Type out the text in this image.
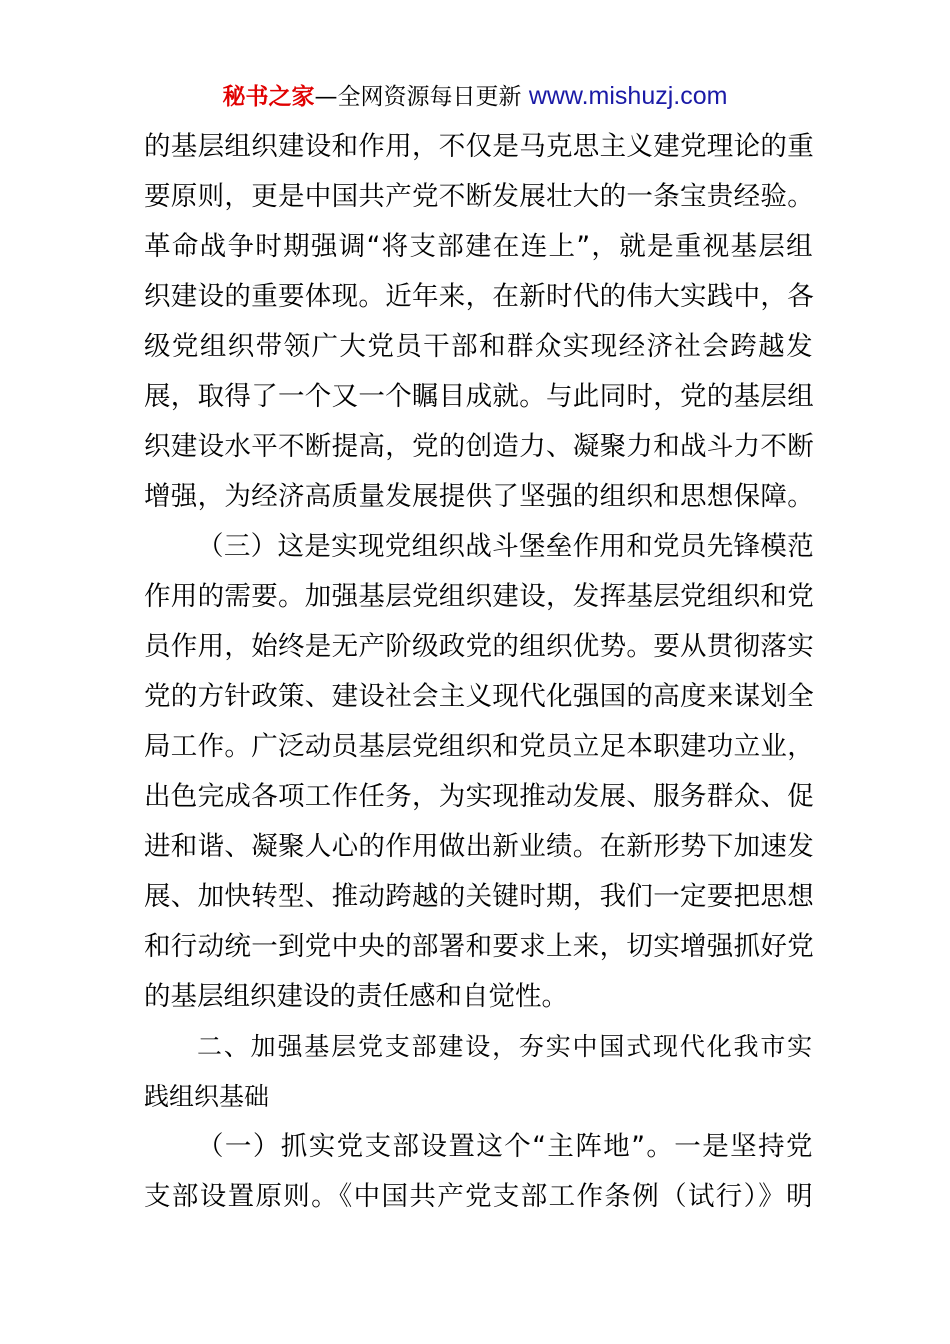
秘书之家—全网资源每日更新 www.mishuzj.com
的基层组织建设和作用，不仅是马克思主义建党理论的重
要原则，更是中国共产党不断发展壮大的一条宝贵经验。
革命战争时期强调“将支部建在连上”，就是重视基层组
织建设的重要体现。近年来，在新时代的伟大实践中，各
级党组织带领广大党员干部和群众实现经济社会跨越发
展，取得了一个又一个瞩目成就。与此同时，党的基层组
织建设水平不断提高，党的创造力、凝聚力和战斗力不断
增强，为经济高质量发展提供了坚强的组织和思想保障。
（三）这是实现党组织战斗堡垒作用和党员先锋模范
作用的需要。加强基层党组织建设，发挥基层党组织和党
员作用，始终是无产阶级政党的组织优势。要从贯彻落实
党的方针政策、建设社会主义现代化强国的高度来谋划全
局工作。广泛动员基层党组织和党员立足本职建功立业，
出色完成各项工作任务，为实现推动发展、服务群众、促
进和谐、凝聚人心的作用做出新业绩。在新形势下加速发
展、加快转型、推动跨越的关键时期，我们一定要把思想
和行动统一到党中央的部署和要求上来，切实增强抓好党
的基层组织建设的责任感和自觉性。
二、加强基层党支部建设，夯实中国式现代化我市实
践组织基础
（一）抓实党支部设置这个“主阵地”。一是坚持党
支部设置原则。《中国共产党支部工作条例（试行）》明
